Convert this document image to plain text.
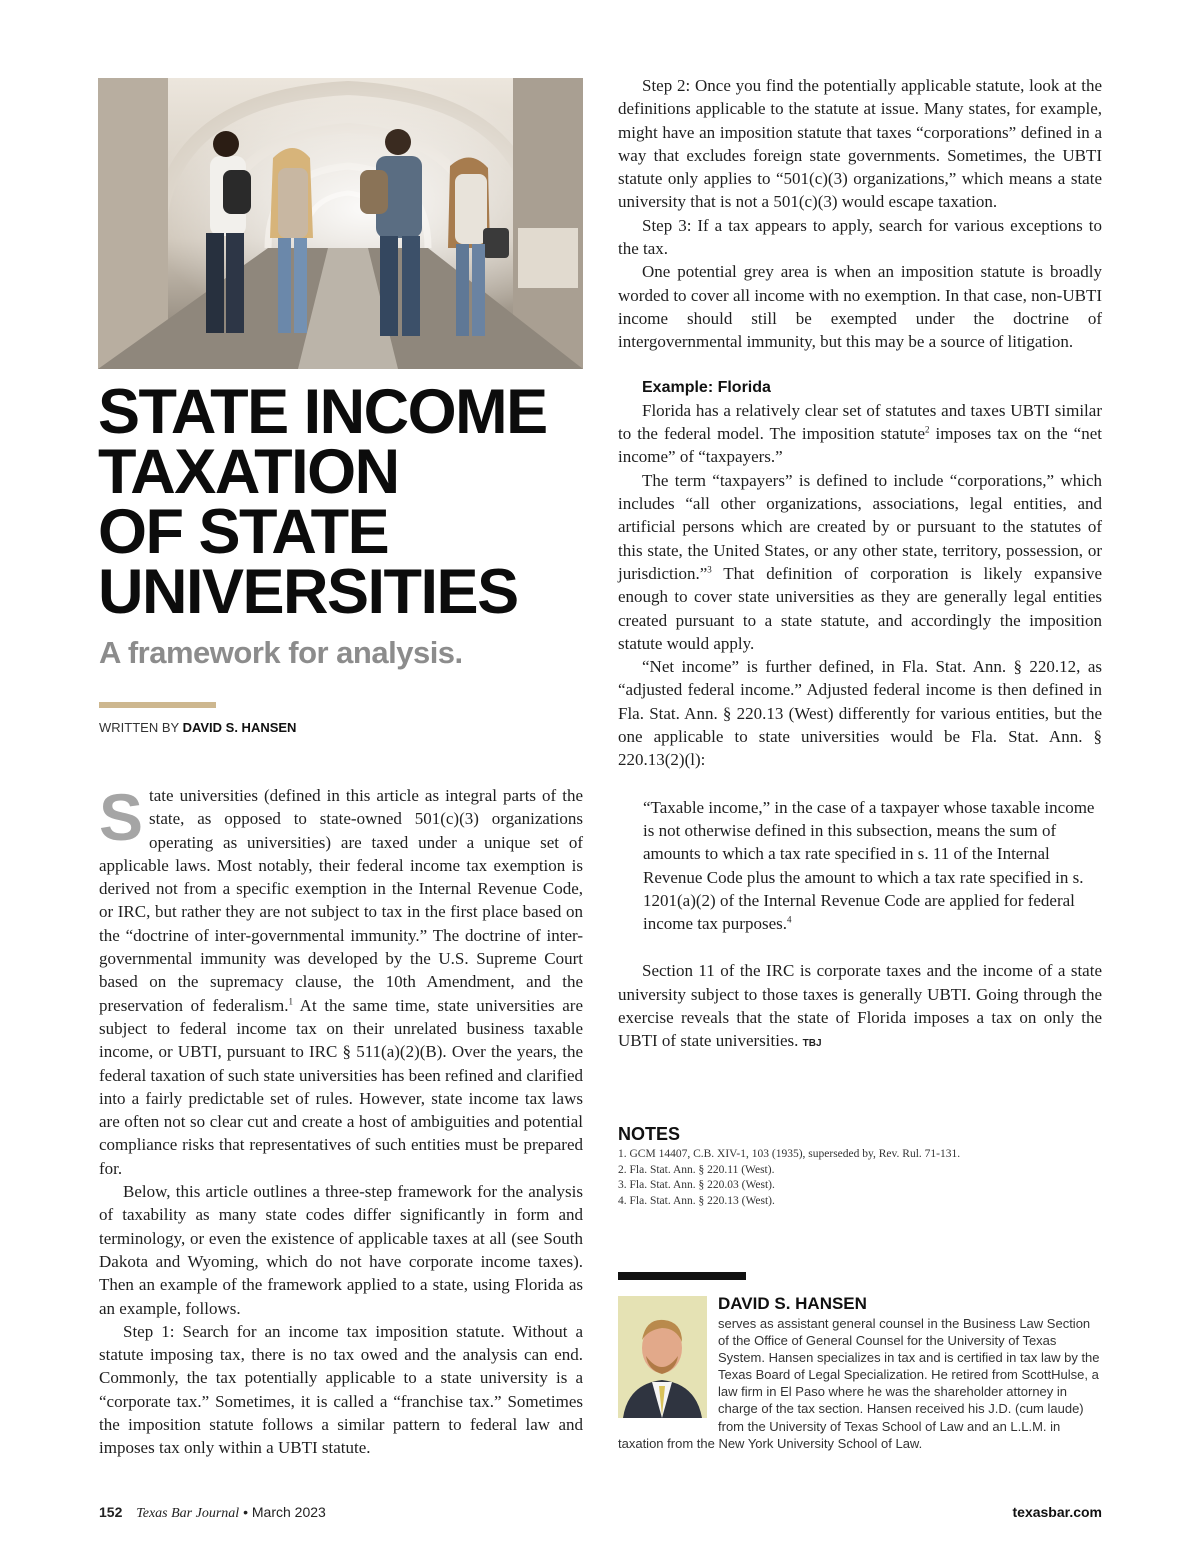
STATE INCOME
TAXATION
OF STATE
UNIVERSITIES
A framework for analysis.
WRITTEN BY DAVID S. HANSEN

State universities (defined in this article as integral parts of the state, as opposed to state-owned 501(c)(3) organizations operating as universities) are taxed under a unique set of applicable laws. Most notably, their federal income tax exemption is derived not from a specific exemption in the Internal Revenue Code, or IRC, but rather they are not subject to tax in the first place based on the “doctrine of inter-governmental immunity.” The doctrine of inter-governmental immunity was developed by the U.S. Supreme Court based on the supremacy clause, the 10th Amendment, and the preservation of federalism.$^1$ At the same time, state universities are subject to federal income tax on their unrelated business taxable income, or UBTI, pursuant to IRC § 511(a)(2)(B). Over the years, the federal taxation of such state universities has been refined and clarified into a fairly predictable set of rules. However, state income tax laws are often not so clear cut and create a host of ambiguities and potential compliance risks that representatives of such entities must be prepared for.

Below, this article outlines a three-step framework for the analysis of taxability as many state codes differ significantly in form and terminology, or even the existence of applicable taxes at all (see South Dakota and Wyoming, which do not have corporate income taxes). Then an example of the framework applied to a state, using Florida as an example, follows.

Step 1: Search for an income tax imposition statute. Without a statute imposing tax, there is no tax owed and the analysis can end. Commonly, the tax potentially applicable to a state university is a “corporate tax.” Sometimes, it is called a “franchise tax.” Sometimes the imposition statute follows a similar pattern to federal law and imposes tax only within a UBTI statute.

Step 2: Once you find the potentially applicable statute, look at the definitions applicable to the statute at issue. Many states, for example, might have an imposition statute that taxes “corporations” defined in a way that excludes foreign state governments. Sometimes, the UBTI statute only applies to “501(c)(3) organizations,” which means a state university that is not a 501(c)(3) would escape taxation.

Step 3: If a tax appears to apply, search for various exceptions to the tax.

One potential grey area is when an imposition statute is broadly worded to cover all income with no exemption. In that case, non-UBTI income should still be exempted under the doctrine of intergovernmental immunity, but this may be a source of litigation.

Example: Florida

Florida has a relatively clear set of statutes and taxes UBTI similar to the federal model. The imposition statute$^2$ imposes tax on the “net income” of “taxpayers.”

The term “taxpayers” is defined to include “corporations,” which includes “all other organizations, associations, legal entities, and artificial persons which are created by or pursuant to the statutes of this state, the United States, or any other state, territory, possession, or jurisdiction.”$^3$ That definition of corporation is likely expansive enough to cover state universities as they are generally legal entities created pursuant to a state statute, and accordingly the imposition statute would apply.

“Net income” is further defined, in Fla. Stat. Ann. § 220.12, as “adjusted federal income.” Adjusted federal income is then defined in Fla. Stat. Ann. § 220.13 (West) differently for various entities, but the one applicable to state universities would be Fla. Stat. Ann. § 220.13(2)(l):

“Taxable income,” in the case of a taxpayer whose taxable income is not otherwise defined in this subsection, means the sum of amounts to which a tax rate specified in s. 11 of the Internal Revenue Code plus the amount to which a tax rate specified in s. 1201(a)(2) of the Internal Revenue Code are applied for federal income tax purposes.$^4$

Section 11 of the IRC is corporate taxes and the income of a state university subject to those taxes is generally UBTI. Going through the exercise reveals that the state of Florida imposes a tax on only the UBTI of state universities. TBJ

NOTES

1. GCM 14407, C.B. XIV-1, 103 (1935), superseded by, Rev. Rul. 71-131.
2. Fla. Stat. Ann. § 220.11 (West).
3. Fla. Stat. Ann. § 220.03 (West).
4. Fla. Stat. Ann. § 220.13 (West).

DAVID S. HANSEN

serves as assistant general counsel in the Business Law Section of the Office of General Counsel for the University of Texas System. Hansen specializes in tax and is certified in tax law by the Texas Board of Legal Specialization. He retired from ScottHulse, a law firm in El Paso where he was the shareholder attorney in charge of the tax section. Hansen received his J.D. (cum laude) from the University of Texas School of Law and an L.L.M. in taxation from the New York University School of Law.
152 Texas Bar Journal • March 2023	texasbar.com
